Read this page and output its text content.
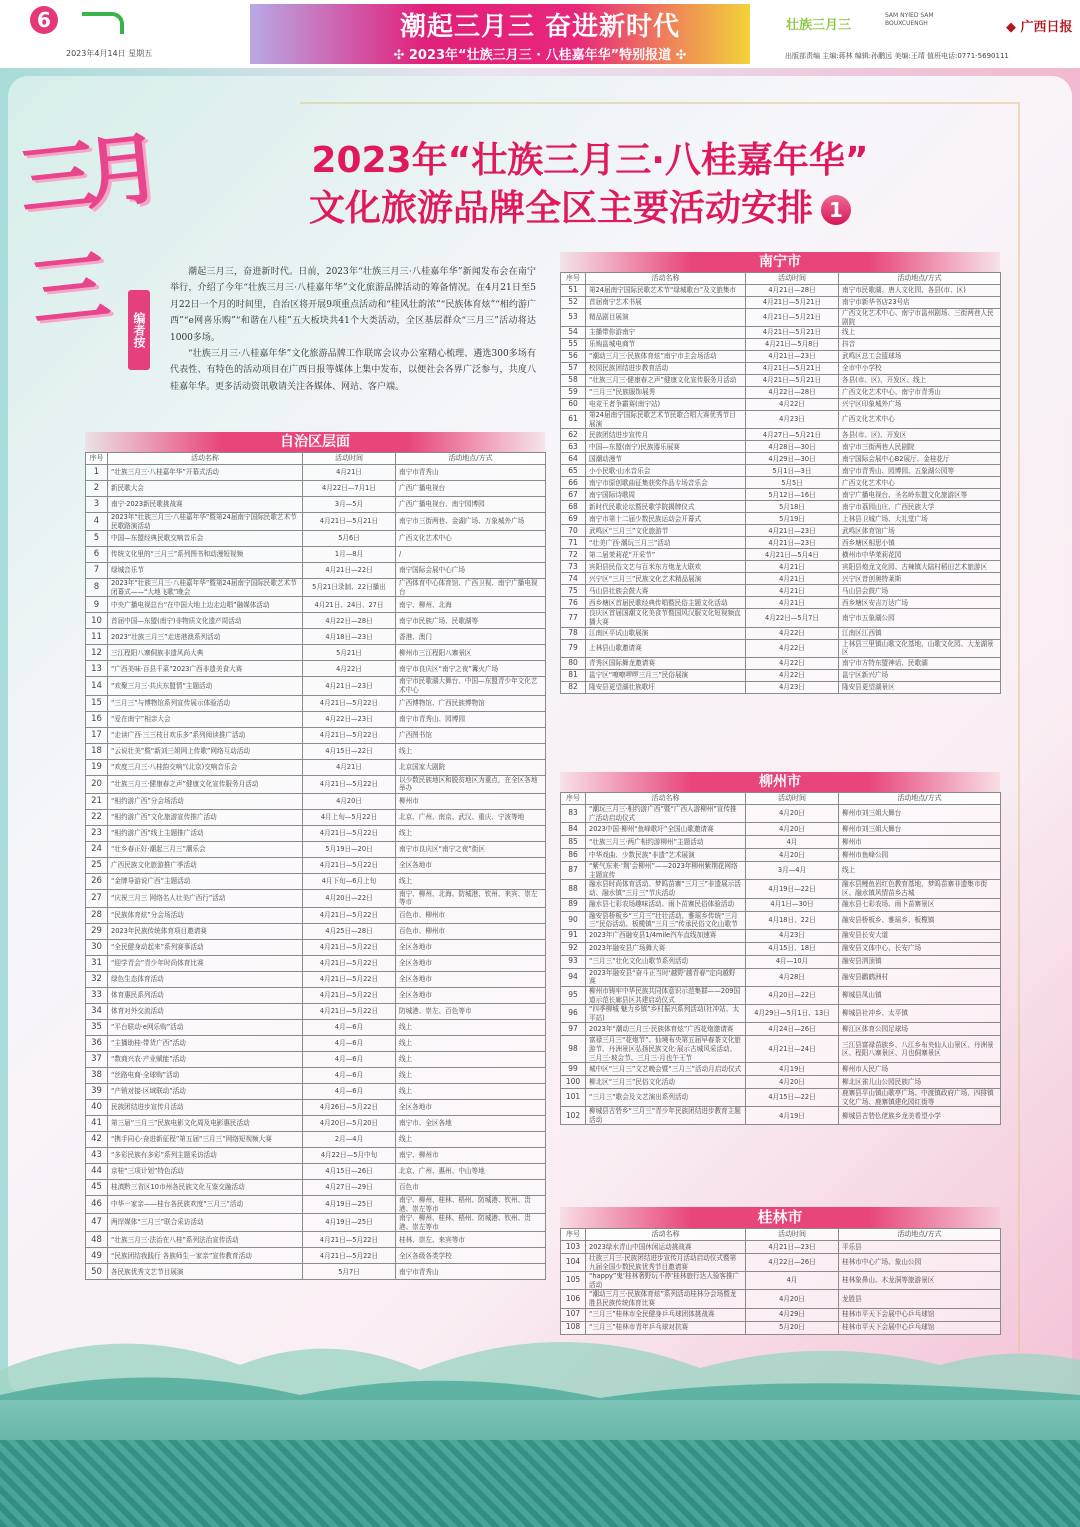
6
2023年4月14日 星期五
潮起三月三 奋进新时代
✣ 2023年“壮族三月三 · 八桂嘉年华”特别报道 ✣
壮族三月三
SAM NYIED SAM BOUXCUENGH	◆ 广西日报
出版部责编 主编:蒋林 编辑:孙鹏远 美编:王靖 值班电话:0771-5690111
三月三
2023年“壮族三月三·八桂嘉年华”
文化旅游品牌全区主要活动安排 1
编者按

潮起三月三，奋进新时代。日前，2023年“壮族三月三·八桂嘉年华”新闻发布会在南宁举行，介绍了今年“壮族三月三·八桂嘉年华”文化旅游品牌活动的筹备情况。在4月21日至5月22日一个月的时间里，自治区将开展9项重点活动和“桂风壮韵浓”“民族体育炫”“相约游广西”“e网喜乐购”“和谐在八桂”五大板块共41个大类活动，全区基层群众“三月三”活动将达1000多场。

“壮族三月三·八桂嘉年华”文化旅游品牌工作联席会议办公室精心梳理、遴选300多场有代表性、有特色的活动项目在广西日报等媒体上集中发布，以便社会各界广泛参与，共度八桂嘉年华。更多活动资讯敬请关注各媒体、网站、客户端。

自治区层面
序号	活动名称	活动时间	活动地点/方式
1	“壮族三月三·八桂嘉年华”开幕式活动	4月21日	南宁市青秀山
2	新民歌大会	4月22日—7月1日	广西广播电视台
3	南宁·2023新民歌挑战赛	3月—5月	广西广播电视台、南宁园博园
4	2023年“壮族三月三·八桂嘉年华”暨第24届南宁国际民歌艺术节民歌路演活动	4月21日—5月21日	南宁市三街两巷、金湖广场、万象城外广场
5	中国—东盟经典民歌交响音乐会	5月6日	广西文化艺术中心
6	传统文化里的“三月三”系列图书和动漫短视频	1月—8月	/
7	绿城音乐节	4月21日—22日	南宁国际会展中心广场
8	2023年“壮族三月三·八桂嘉年华”暨第24届南宁国际民歌艺术节闭幕式——“大地飞歌”晚会	5月21日录制、22日播出	广西体育中心体育馆、广西卫视、南宁广播电视台
9	中央广播电视总台“在中国大地上边走边唱”融媒体活动	4月21日、24日、27日	南宁、柳州、北海
10	首届中国—东盟(南宁)非物质文化遗产周活动	4月22日—28日	南宁市民族广场、民歌湖等
11	2023“壮族三月三”走进港澳系列活动	4月18日—23日	香港、澳门
12	三江程阳八寨侗族非遗风尚大典	5月21日	柳州市三江程阳八寨景区
13	“广西美味·百县千菜”2023广西非遗美食大赛	4月22日	南宁市良庆区“南宁之夜”篝火广场
14	“欢聚三月三·共庆东盟情”主题活动	4月21日—23日	南宁市民歌湖大舞台、中国—东盟青少年文化艺术中心
15	“三月三”与博物馆系列宣传展示体验活动	4月21日—5月22日	广西博物馆、广西民族博物馆
16	“爱在南宁”相亲大会	4月22日—23日	南宁市青秀山、园博园
17	“走读广西·三三枝日欢乐多”系列阅读推广活动	4月21日—5月22日	广西图书馆
18	“云说壮美”暨“新刘三姐网上传歌”网络互动活动	4月15日—22日	线上
19	“欢度三月三·八桂韵交响”(北京)交响音乐会	4月21日	北京国家大剧院
20	“壮族三月三·健康春之声”健康文化宣传服务月活动	4月21日—5月22日	以少数民族地区和脱贫地区为重点，在全区各地举办
21	“相约游广西”分会场活动	4月20日	柳州市
22	“相约游广西”文化旅游宣传推广活动	4月上旬—5月22日	北京、广州、南京、武汉、重庆、宁波等地
23	“相约游广西”线上主题推广活动	4月21日—5月22日	线上
24	“壮乡春正好·潮起三月三”潮乐会	5月19日—20日	南宁市良庆区“南宁之夜”街区
25	广西民族文化旅游推广季活动	4月21日—5月22日	全区各地市
26	“金牌导游说广西”主题活动	4月下旬—6月上旬	线上
27	“庆祝三月三 网络名人壮美广西行”活动	4月20日—22日	南宁、柳州、北海、防城港、钦州、来宾、崇左等市
28	“民族体育炫”分会场活动	4月21日—5月22日	百色市、柳州市
29	2023年民族传统体育项目邀请赛	4月25日—28日	百色市、柳州市
30	“全民健身动起来”系列赛事活动	4月21日—5月22日	全区各地市
31	“迎学青会”青少年时尚体育比赛	4月21日—5月22日	全区各地市
32	绿色生态体育活动	4月21日—5月22日	全区各地市
33	体育惠民系列活动	4月21日—5月22日	全区各地市
34	体育对外交流活动	4月21日—5月22日	防城港、崇左、百色等市
35	“平台联动·e网乐购”活动	4月—6月	线上
36	“主播助桂·带货广西”活动	4月—6月	线上
37	“数商兴农·产业赋能”活动	4月—6月	线上
38	“丝路电商·全球购”活动	4月—6月	线上
39	“产销对接·区域联动”活动	4月—6月	线上
40	民族团结进步宣传月活动	4月26日—5月22日	全区各地市
41	第三届“三月三”民族电影文化周及电影惠民活动	4月20日—5月20日	南宁市、全区各地
42	“携手同心·奋进新征程”第五届“三月三”网络短视频大赛	2月—4月	线上
43	“多彩民族有多彩”系列主题采访活动	4月22日—5月中旬	南宁、柳州市
44	京桂“三项计划”特色活动	4月15日—26日	北京、广州、惠州、中山等地
45	桂滇黔三省区10市州各民族文化互鉴交融活动	4月27日—29日	百色市
46	中华一家亲——桂台各民族欢度“三月三”活动	4月19日—25日	南宁、柳州、桂林、梧州、防城港、钦州、贵港、崇左等市
47	两岸媒体“三月三”联合采访活动	4月19日—25日	南宁、柳州、桂林、梧州、防城港、钦州、贵港、崇左等市
48	“壮族三月三·法治在八桂”系列法治宣传活动	4月21日—5月22日	桂林、崇左、来宾等市
49	“民族团结我践行 各族师生一家亲”宣传教育活动	4月21日—5月22日	全区各级各类学校
50	各民族优秀文艺节目展演	5月7日	南宁市青秀山
南宁市
序号	活动名称	活动时间	活动地点/方式
51	第24届南宁国际民歌艺术节“绿城歌台”及文旅集市	4月21日—28日	南宁市民歌湖、唐人文化园、各县(市、区)
52	首届南宁艺术书展	4月21日—5月21日	南宁市新华书店23号店
53	精品剧目展演	4月21日—5月21日	广西文化艺术中心、南宁市邕州剧场、三街两巷人民剧院
54	主播带你游南宁	4月21日—5月21日	线上
55	乐购邕城电商节	4月21日—5月8日	抖音
56	“潮动三月三·民族体育炫”南宁市主会场活动	4月21日—23日	武鸣区总工会篮球场
57	校园民族团结进步教育活动	4月21日—5月21日	全市中小学校
58	“壮族三月三·健康春之声”健康文化宣传服务月活动	4月21日—5月21日	各县(市、区)、开发区、线上
59	“三月三”民族服饰展秀	4月22日—28日	广西文化艺术中心、南宁市青秀山
60	电竞王者争霸赛(南宁站)	4月22日	兴宁区印象城外广场
61	第24届南宁国际民歌艺术节民歌合唱大赛优秀节目展演	4月23日	广西文化艺术中心
62	民族团结进步宣传月	4月27日—5月21日	各县(市、区)、开发区
63	中国—东盟(南宁)民族器乐展赛	4月28日—30日	南宁市三街两巷人民剧院
64	国潮动漫节	4月29日—30日	南宁国际会展中心B2展厅、金桂花厅
65	小小民歌·山水音乐会	5月1日—3日	南宁市青秀山、园博园、五象湖公园等
66	南宁市原创歌曲征集获奖作品专场音乐会	5月5日	广西文化艺术中心
67	南宁国际诗歌周	5月12日—16日	南宁广播电视台、圣名岭东盟文化旅游区等
68	新时代民歌论坛暨民歌学院揭牌仪式	5月18日	南宁市荔园山庄、广西民族大学
69	南宁市第十二届少数民族运动会开幕式	5月19日	上林县卫城广场、大礼堂广场
70	武鸣区“三月三”文化旅游节	4月21日—23日	武鸣区体育馆广场
71	“壮美广西·潮玩三月三”活动	4月21日—23日	西乡塘区相思小镇
72	第二届茉莉花“开采节”	4月21日—5月4日	横州市中华茉莉花园
73	宾阳县民俗文艺与百米东方炮龙大联欢	4月21日	宾阳县炮龙文化园、古辣镇大陆村稻田艺术旅游区
74	兴宁区“三月三”民族文化艺术精品展演	4月21日	兴宁区昔创奥特莱斯
75	马山县壮族会鼓大赛	4月21日	马山县会鼓广场
76	西乡塘区首届民歌经典传唱暨民俗主题文化活动	4月21日	西乡塘区安吉万达广场
77	良庆区首届国潮文化美食节暨国风汉服文化短视频直播大赛	4月22日—5月7日	南宁市五象湖公园
78	江南区平试山歌展演	4月22日	江南区江西镇
79	上林县山歌邀请赛	4月22日	上林县三里镇山歌文化基地、山歌文化园、大龙湖景区
80	青秀区国际舞龙邀请赛	4月22日	南宁市方特东盟神话、民歌湖
81	邕宁区“嘹嘹啰啰三月三”民俗展演	4月22日	邕宁区新兴广场
82	隆安县更望湖壮族歌圩	4月23日	隆安县更望湖景区
柳州市
序号	活动名称	活动时间	活动地点/方式
83	“潮玩三月三·相约游广西”暨“广西人游柳州”宣传推广活动启动仪式	4月20日	柳州市刘三姐大舞台
84	2023中国·柳州“鱼峰歌圩”全国山歌邀请赛	4月20日	柳州市刘三姐大舞台
85	“壮族三月三·两广相约游柳州”主题活动	4月	柳州市
86	中华戏曲、少数民族“非遗”艺术展演	4月20日	柳州市鱼峰公园
87	“紫气东来·‘荆’会柳州”——2023年柳州紫荆花网络主题宣传	3月—4月	线上
88	融水县时尚体育活动、梦呜苗寨“三月三”非遗展示活动、融水镇“三月三”节庆活动	4月19日—22日	融水县鲤鱼岩红色教育基地、梦呜苗寨非遗集市街区、融水镇风情苗乡古城
89	融水县七彩农场趣味活动、雨卜苗寨民俗体验活动	4月1日—30日	融水县七彩农场、雨卜苗寨景区
90	融安县桥板乡“三月三”壮壮活动、雅瑶乡传统“三月三”民俗活动、板榄镇“三月三”传承民俗文化山歌节	4月18日、22日	融安县桥板乡、雅瑶乡、板榄镇
91	2023年广西融安县1/4mile汽车直线加速赛	4月23日	融安县长安大道
92	2023年融安县广场舞大赛	4月15日、18日	融安县文体中心、长安广场
93	“三月三”壮化文化山歌节系列活动	4月—10月	融安县泗顶镇
94	2023年融安县“奋斗正当时‘越野’越青春”定向越野赛	4月28日	融安县鹳鹤洲村
95	柳州市铸牢中华民族共同体意识示范集群——209国道示范长廊县区共建启动仪式	4月20日—22日	柳城县凤山镇
96	“四季柳城 魅力乡镇”乡村振兴系列活动(社冲站、太平站)	4月29日—5月1日、13日	柳城县社冲乡、太平镇
97	2023年“潮动三月三·民族体育炫”广西花炮邀请赛	4月24日—26日	柳江区体育公园足球场
98	富禄三月三“花炮节”、仙境布央第五届早春茶文化旅游节、丹洲景区弘扬民族文化·展示古城风采活动、三月三·坡会节、三月三·月也午王节	4月21日—24日	三江县富禄苗族乡、八江乡布央仙人山景区、丹洲景区、程阳八寨景区、月也侗寨景区
99	城中区“三月三”文艺晚会暨“三月三”活动月启动仪式	4月19日	柳州市人民广场
100	柳北区“三月三”民俗文化活动	4月20日	柳北区雀儿山公园民族广场
101	“三月三”歌会及文艺演出系列活动	4月15日—22日	鹿寨县平山镇山歌亭广场、中渡镇政府广场、四排镇文化广场、鹿寨镇建化园红街等
102	柳城县古砦乡“三月三”青少年民族团结进步教育主题活动	4月19日	柳城县古砦仫佬族乡龙美希望小学
桂林市
序号	活动名称	活动时间	活动地点/方式
103	2023绿水青山中国休闲运动挑战赛	4月21日—23日	平乐县
104	壮族三月三·民族团结进步宣传月活动启动仪式暨第九届全国少数民族优秀节目邀请赛	4月22日—26日	桂林市中心广场、象山公园
105	“happy”鬼‘桂林奢野玩不停’桂林旅行达人验客推广活动	4月	桂林象鼻山、木龙洞等旅游景区
106	“潮动三月三·民族体育炫”系列活动桂林分会场暨龙胜县民族传统体育比赛	4月20日	龙胜县
107	“三月三”桂林市全民健身乒乓球团体挑战赛	4月29日	桂林市平天下会展中心乒乓球馆
108	“三月三”桂林市青年乒乓球对抗赛	5月20日	桂林市平天下会展中心乒乓球馆
